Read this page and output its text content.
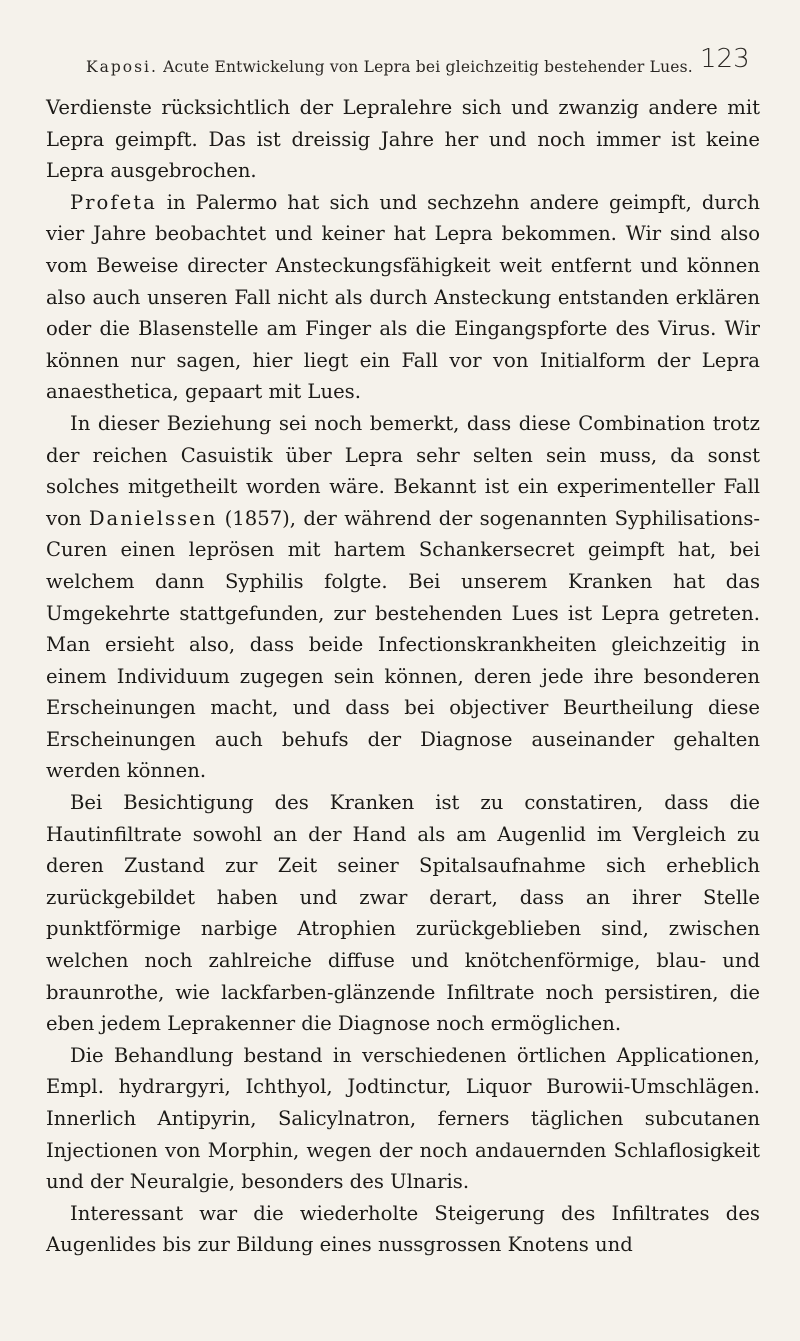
Kaposi. Acute Entwickelung von Lepra bei gleichzeitig bestehender Lues. 123

Verdienste rücksichtlich der Lepralehre sich und zwanzig andere mit Lepra geimpft. Das ist dreissig Jahre her und noch immer ist keine Lepra ausgebrochen.

Profeta in Palermo hat sich und sechzehn andere geimpft, durch vier Jahre beobachtet und keiner hat Lepra bekommen. Wir sind also vom Beweise directer Ansteckungsfähigkeit weit entfernt und können also auch unseren Fall nicht als durch Ansteckung entstanden erklären oder die Blasenstelle am Finger als die Eingangspforte des Virus. Wir können nur sagen, hier liegt ein Fall vor von Initialform der Lepra anaesthetica, gepaart mit Lues.

In dieser Beziehung sei noch bemerkt, dass diese Combination trotz der reichen Casuistik über Lepra sehr selten sein muss, da sonst solches mitgetheilt worden wäre. Bekannt ist ein experimenteller Fall von Danielssen (1857), der während der sogenannten Syphilisations-Curen einen leprösen mit hartem Schankersecret geimpft hat, bei welchem dann Syphilis folgte. Bei unserem Kranken hat das Umgekehrte stattgefunden, zur bestehenden Lues ist Lepra getreten. Man ersieht also, dass beide Infectionskrankheiten gleichzeitig in einem Individuum zugegen sein können, deren jede ihre besonderen Erscheinungen macht, und dass bei objectiver Beurtheilung diese Erscheinungen auch behufs der Diagnose auseinander gehalten werden können.

Bei Besichtigung des Kranken ist zu constatiren, dass die Hautinfiltrate sowohl an der Hand als am Augenlid im Vergleich zu deren Zustand zur Zeit seiner Spitalsaufnahme sich erheblich zurückgebildet haben und zwar derart, dass an ihrer Stelle punktförmige narbige Atrophien zurückgeblieben sind, zwischen welchen noch zahlreiche diffuse und knötchenförmige, blau- und braunrothe, wie lackfarben-glänzende Infiltrate noch persistiren, die eben jedem Leprakenner die Diagnose noch ermöglichen.

Die Behandlung bestand in verschiedenen örtlichen Applicationen, Empl. hydrargyri, Ichthyol, Jodtinctur, Liquor Burowii-Umschlägen. Innerlich Antipyrin, Salicylnatron, ferners täglichen subcutanen Injectionen von Morphin, wegen der noch andauernden Schlaflosigkeit und der Neuralgie, besonders des Ulnaris.

Interessant war die wiederholte Steigerung des Infiltrates des Augenlides bis zur Bildung eines nussgrossen Knotens und
